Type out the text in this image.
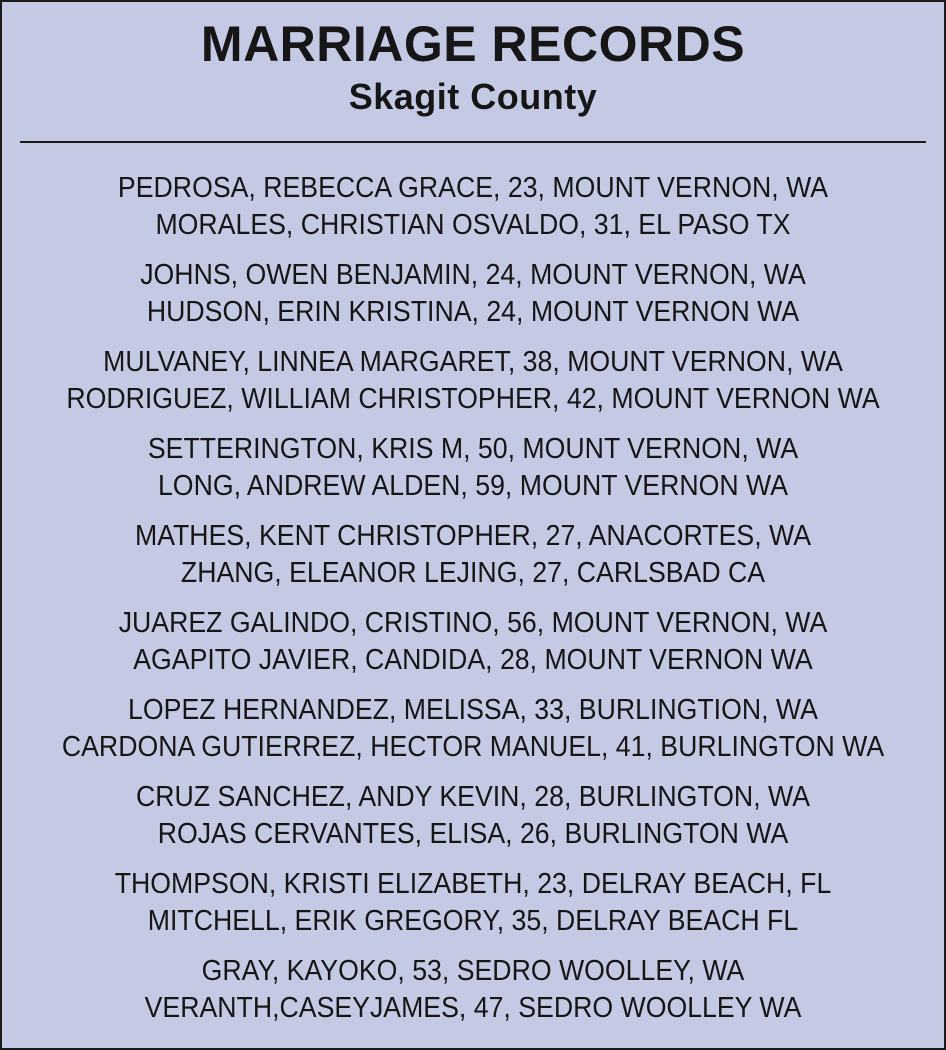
MARRIAGE RECORDS
Skagit County
PEDROSA, REBECCA GRACE, 23, MOUNT VERNON, WA
MORALES, CHRISTIAN OSVALDO, 31, EL PASO TX
JOHNS, OWEN BENJAMIN, 24, MOUNT VERNON, WA
HUDSON, ERIN KRISTINA, 24, MOUNT VERNON WA
MULVANEY, LINNEA MARGARET, 38, MOUNT VERNON, WA
RODRIGUEZ, WILLIAM CHRISTOPHER, 42, MOUNT VERNON WA
SETTERINGTON, KRIS M, 50, MOUNT VERNON, WA
LONG, ANDREW ALDEN, 59, MOUNT VERNON WA
MATHES, KENT CHRISTOPHER, 27, ANACORTES, WA
ZHANG, ELEANOR LEJING, 27, CARLSBAD CA
JUAREZ GALINDO, CRISTINO, 56, MOUNT VERNON, WA
AGAPITO JAVIER, CANDIDA, 28, MOUNT VERNON WA
LOPEZ HERNANDEZ, MELISSA, 33, BURLINGTION, WA
CARDONA GUTIERREZ, HECTOR MANUEL, 41, BURLINGTON WA
CRUZ SANCHEZ, ANDY KEVIN, 28, BURLINGTON, WA
ROJAS CERVANTES, ELISA, 26, BURLINGTON WA
THOMPSON, KRISTI ELIZABETH, 23, DELRAY BEACH, FL
MITCHELL, ERIK GREGORY, 35, DELRAY BEACH FL
GRAY, KAYOKO, 53, SEDRO WOOLLEY, WA
VERANTH,CASEYJAMES, 47, SEDRO WOOLLEY WA
